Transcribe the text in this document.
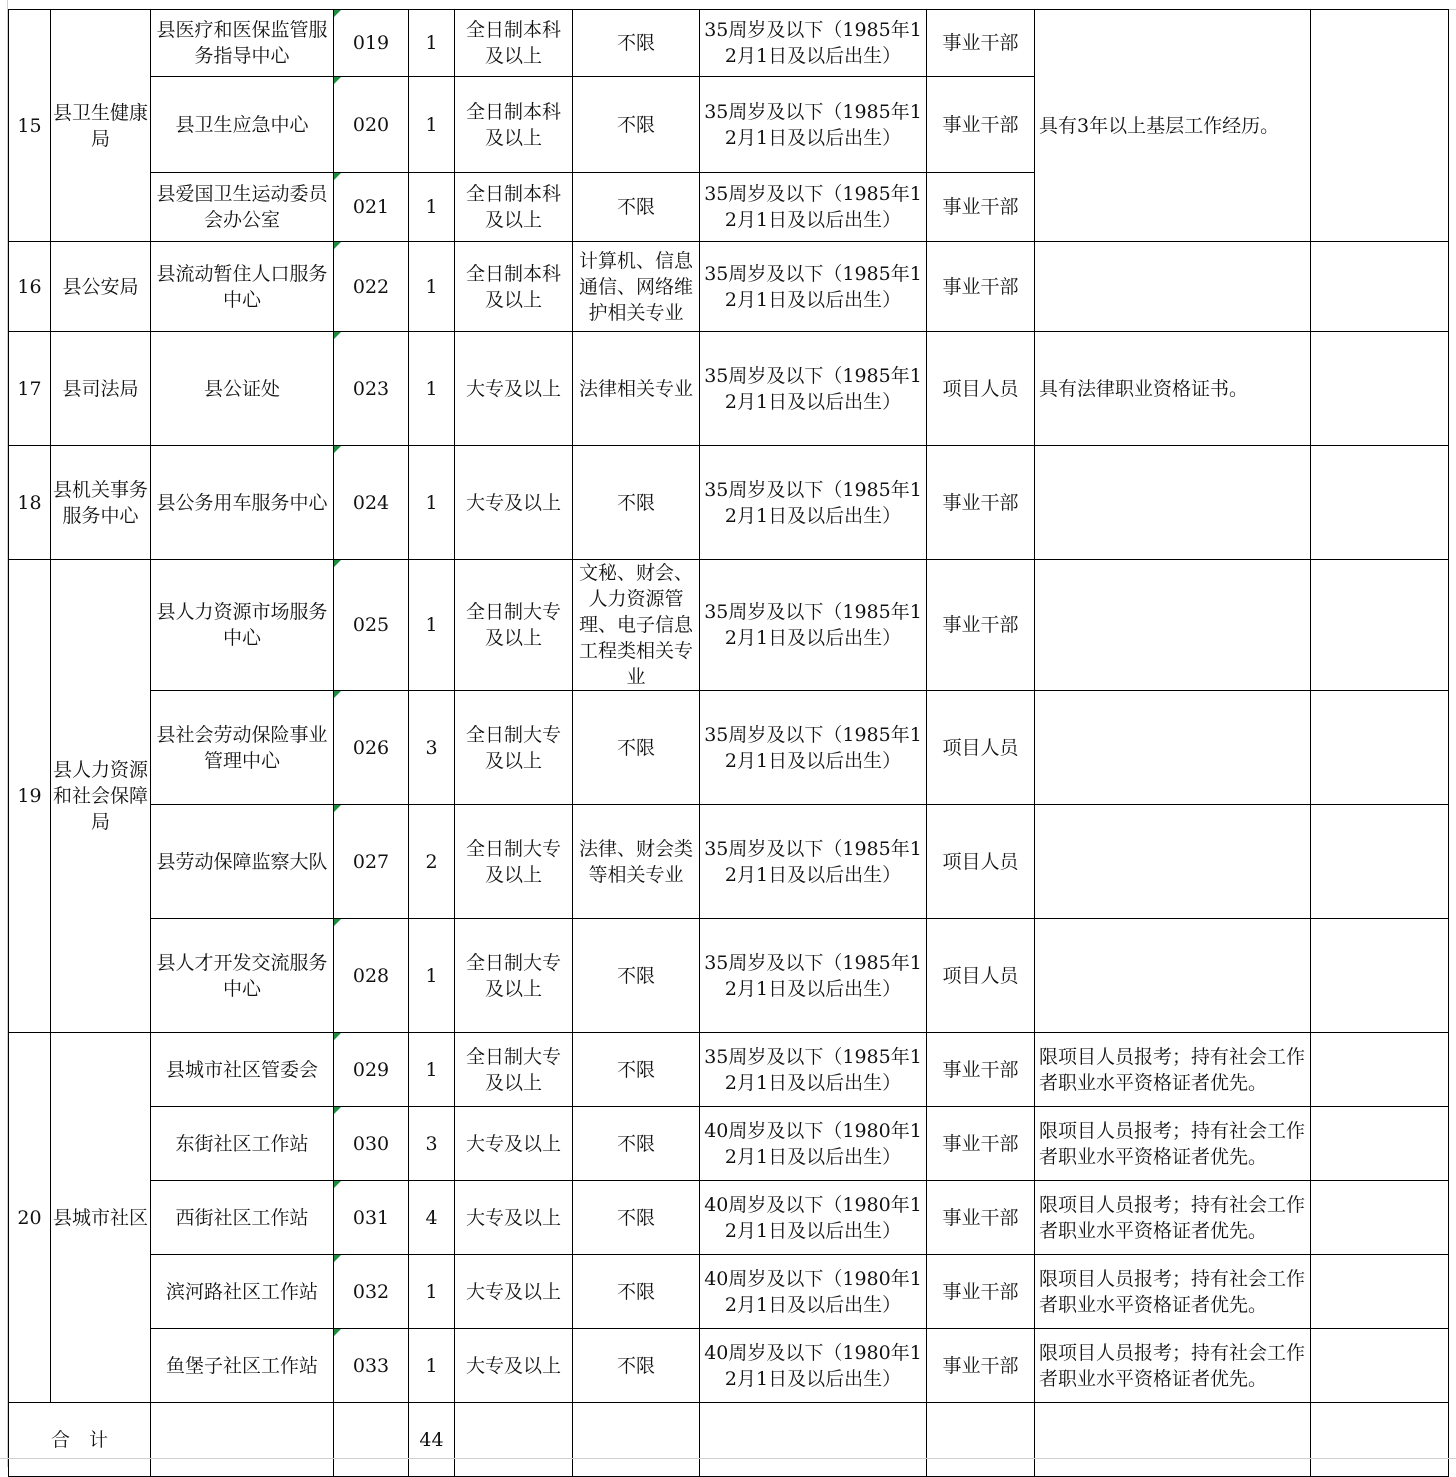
15	县卫生健康局	县医疗和医保监管服务指导中心	019	1	全日制本科及以上	不限	35周岁及以下（1985年12月1日及以后出生）	事业干部	具有3年以上基层工作经历。	
		县卫生应急中心	020	1	全日制本科及以上	不限	35周岁及以下（1985年12月1日及以后出生）	事业干部		
		县爱国卫生运动委员会办公室	021	1	全日制本科及以上	不限	35周岁及以下（1985年12月1日及以后出生）	事业干部		
16	县公安局	县流动暂住人口服务中心	022	1	全日制本科及以上	计算机、信息通信、网络维护相关专业	35周岁及以下（1985年12月1日及以后出生）	事业干部		
17	县司法局	县公证处	023	1	大专及以上	法律相关专业	35周岁及以下（1985年12月1日及以后出生）	项目人员	具有法律职业资格证书。	
18	县机关事务服务中心	县公务用车服务中心	024	1	大专及以上	不限	35周岁及以下（1985年12月1日及以后出生）	事业干部		
19	县人力资源和社会保障局	县人力资源市场服务中心	025	1	全日制大专及以上	文秘、财会、人力资源管理、电子信息工程类相关专业	35周岁及以下（1985年12月1日及以后出生）	事业干部		
		县社会劳动保险事业管理中心	026	3	全日制大专及以上	不限	35周岁及以下（1985年12月1日及以后出生）	项目人员		
		县劳动保障监察大队	027	2	全日制大专及以上	法律、财会类等相关专业	35周岁及以下（1985年12月1日及以后出生）	项目人员		
		县人才开发交流服务中心	028	1	全日制大专及以上	不限	35周岁及以下（1985年12月1日及以后出生）	项目人员		
20	县城市社区	县城市社区管委会	029	1	全日制大专及以上	不限	35周岁及以下（1985年12月1日及以后出生）	事业干部	限项目人员报考；持有社会工作者职业水平资格证者优先。	
		东街社区工作站	030	3	大专及以上	不限	40周岁及以下（1980年12月1日及以后出生）	事业干部	限项目人员报考；持有社会工作者职业水平资格证者优先。	
		西街社区工作站	031	4	大专及以上	不限	40周岁及以下（1980年12月1日及以后出生）	事业干部	限项目人员报考；持有社会工作者职业水平资格证者优先。	
		滨河路社区工作站	032	1	大专及以上	不限	40周岁及以下（1980年12月1日及以后出生）	事业干部	限项目人员报考；持有社会工作者职业水平资格证者优先。	
		鱼堡子社区工作站	033	1	大专及以上	不限	40周岁及以下（1980年12月1日及以后出生）	事业干部	限项目人员报考；持有社会工作者职业水平资格证者优先。	
合　计				44						
